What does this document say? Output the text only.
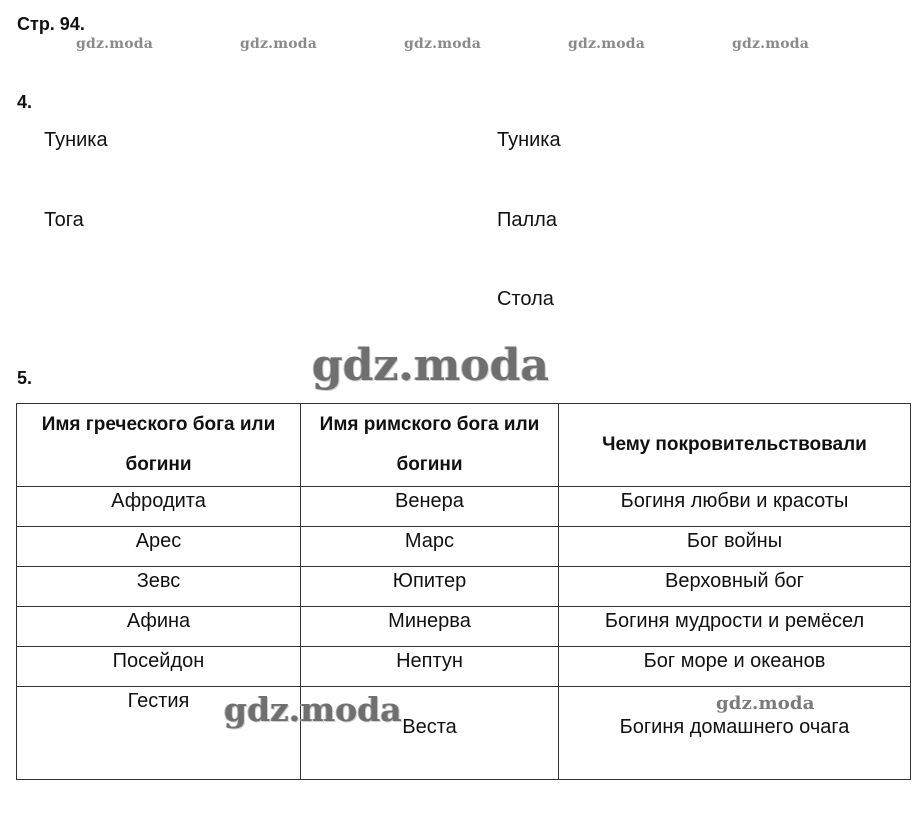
Стр. 94.
gdz.moda	gdz.moda	gdz.moda	gdz.moda	gdz.moda
4.
Туника
Тога
Туника
Палла
Стола
5.	gdz.moda
Имя греческого бога или богини	Имя римского бога или богини	Чему покровительствовали
Афродита	Венера	Богиня любви и красоты
Арес	Марс	Бог войны
Зевс	Юпитер	Верховный бог
Афина	Минерва	Богиня мудрости и ремёсел
Посейдон	Нептун	Бог море и океанов

Гестия	Веста	Богиня домашнего очага
gdz.moda	gdz.moda
